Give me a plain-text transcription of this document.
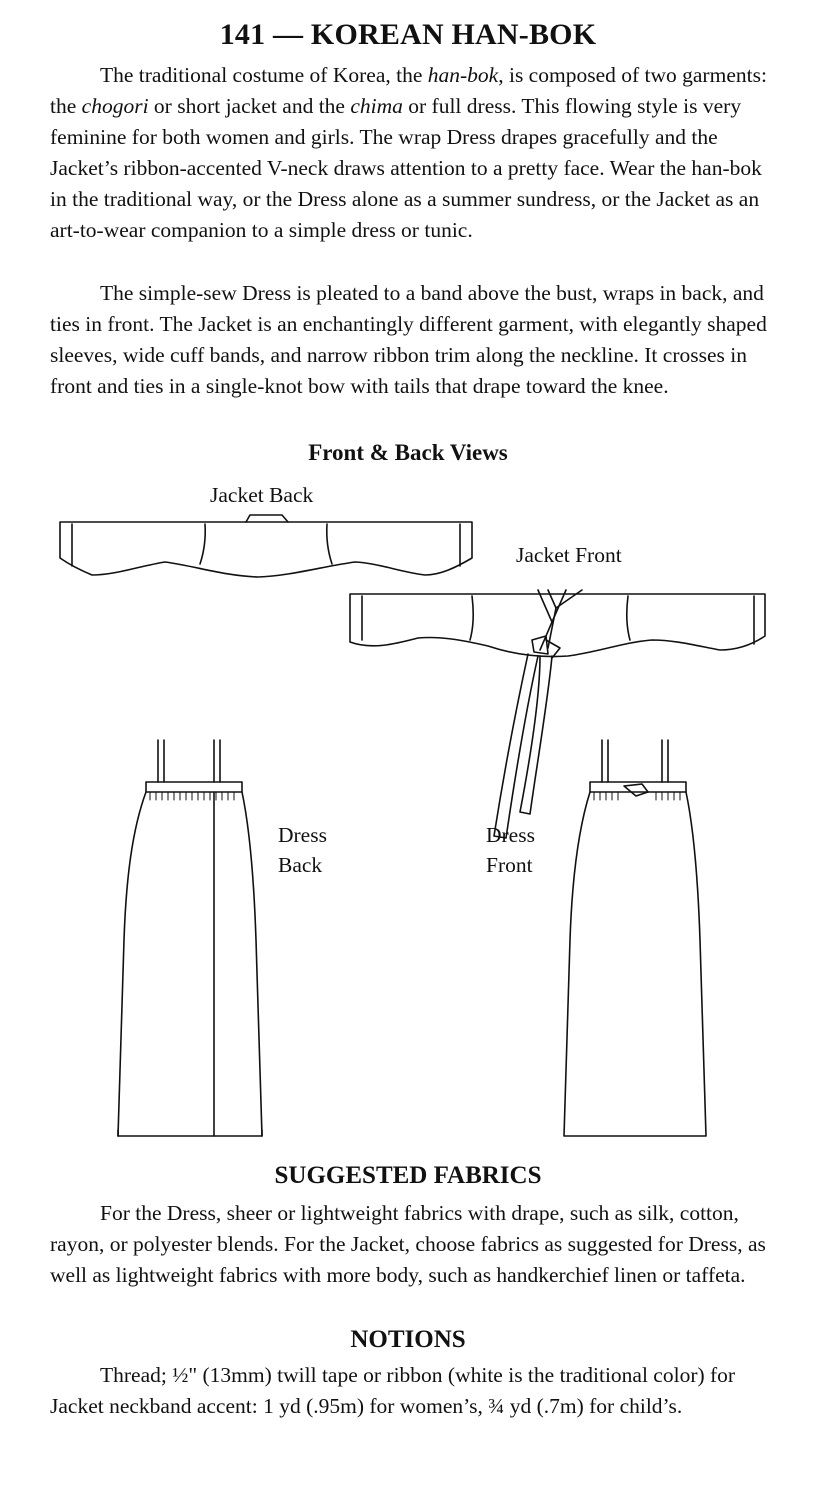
141 — KOREAN HAN-BOK

The traditional costume of Korea, the han-bok, is composed of two garments: the chogori or short jacket and the chima or full dress. This flowing style is very feminine for both women and girls. The wrap Dress drapes gracefully and the Jacket’s ribbon-accented V-neck draws attention to a pretty face. Wear the han-bok in the traditional way, or the Dress alone as a summer sundress, or the Jacket as an art-to-wear companion to a simple dress or tunic.

The simple-sew Dress is pleated to a band above the bust, wraps in back, and ties in front. The Jacket is an enchantingly different garment, with elegantly shaped sleeves, wide cuff bands, and narrow ribbon trim along the neckline. It crosses in front and ties in a single-knot bow with tails that drape toward the knee.

Front & Back Views
Jacket Back
Jacket Front
Dress
Back
Dress
Front
SUGGESTED FABRICS

For the Dress, sheer or lightweight fabrics with drape, such as silk, cotton, rayon, or polyester blends. For the Jacket, choose fabrics as suggested for Dress, as well as lightweight fabrics with more body, such as handkerchief linen or taffeta.

NOTIONS

Thread; ½" (13mm) twill tape or ribbon (white is the traditional color) for Jacket neckband accent: 1 yd (.95m) for women’s, ¾ yd (.7m) for child’s.
